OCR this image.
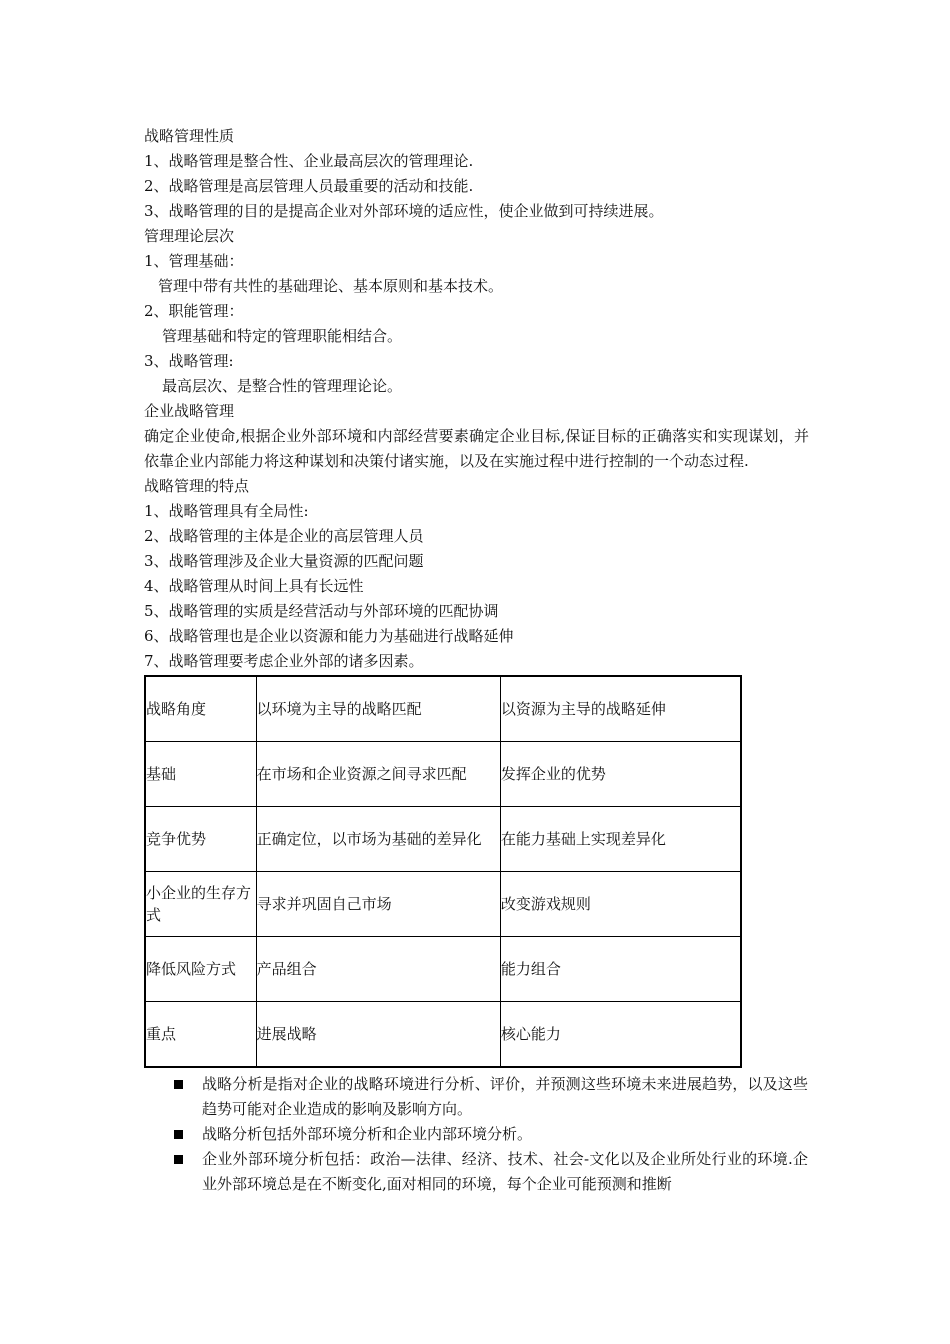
战略管理性质
1、战略管理是整合性、企业最高层次的管理理论.
2、战略管理是高层管理人员最重要的活动和技能.
3、战略管理的目的是提高企业对外部环境的适应性，使企业做到可持续进展。
管理理论层次
1、管理基础：
管理中带有共性的基础理论、基本原则和基本技术。
2、职能管理：
管理基础和特定的管理职能相结合。
3、战略管理:
最高层次、是整合性的管理理论论。
企业战略管理
确定企业使命,根据企业外部环境和内部经营要素确定企业目标,保证目标的正确落实和实现谋划，并依靠企业内部能力将这种谋划和决策付诸实施，以及在实施过程中进行控制的一个动态过程.
战略管理的特点
1、战略管理具有全局性:
2、战略管理的主体是企业的高层管理人员
3、战略管理涉及企业大量资源的匹配问题
4、战略管理从时间上具有长远性
5、战略管理的实质是经营活动与外部环境的匹配协调
6、战略管理也是企业以资源和能力为基础进行战略延伸
7、战略管理要考虑企业外部的诸多因素。
战略角度	以环境为主导的战略匹配	以资源为主导的战略延伸
基础	在市场和企业资源之间寻求匹配	发挥企业的优势
竞争优势	正确定位，以市场为基础的差异化	在能力基础上实现差异化
小企业的生存方式	寻求并巩固自己市场	改变游戏规则
降低风险方式	产品组合	能力组合
重点	进展战略	核心能力
战略分析是指对企业的战略环境进行分析、评价，并预测这些环境未来进展趋势，以及这些趋势可能对企业造成的影响及影响方向。
战略分析包括外部环境分析和企业内部环境分析。
企业外部环境分析包括：政治—法律、经济、技术、社会-文化以及企业所处行业的环境.企业外部环境总是在不断变化,面对相同的环境，每个企业可能预测和推断
